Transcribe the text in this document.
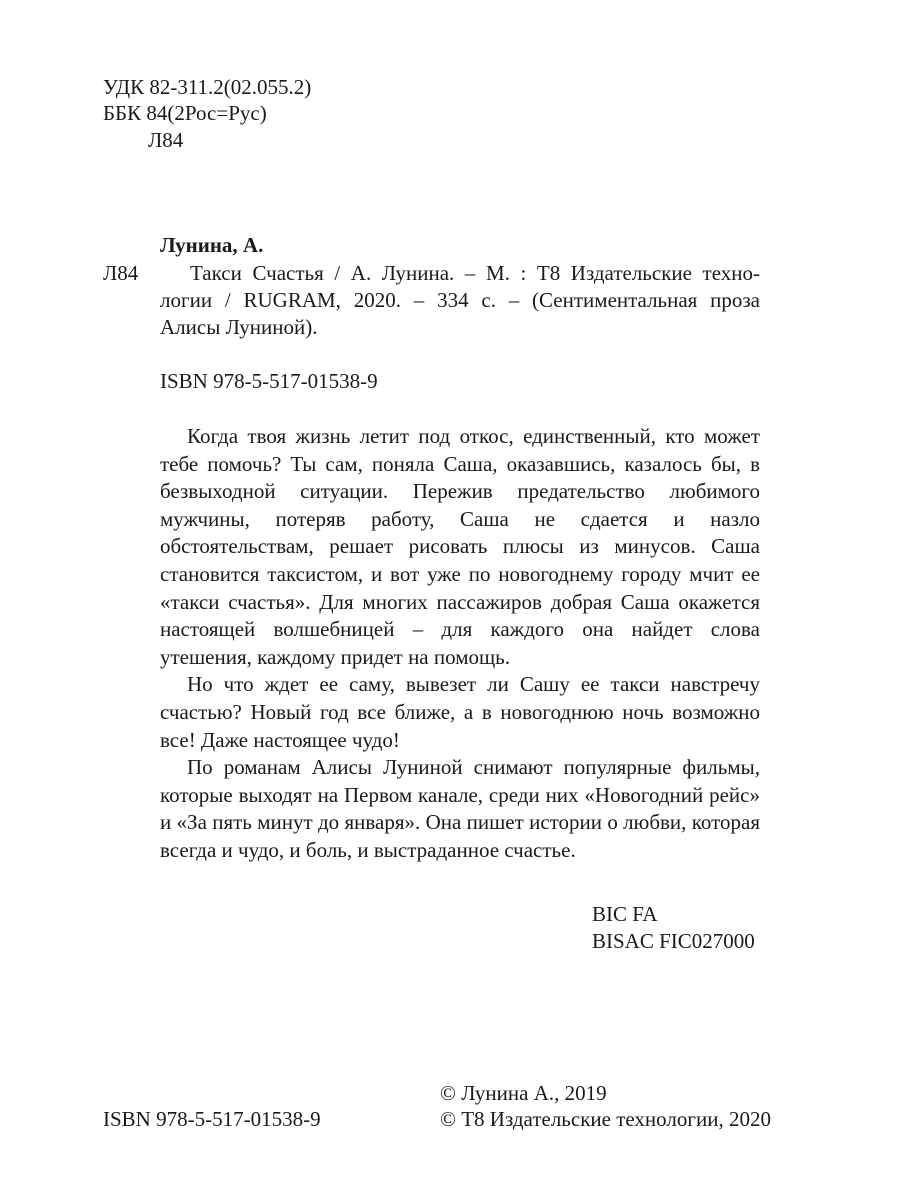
УДК 82-311.2(02.055.2)
ББК 84(2Рос=Рус)
Л84
Лунина, А.
Л84 Такси Счастья / А. Лунина. – М. : Т8 Издательские техно-
логии / RUGRAM, 2020. – 334 с. – (Сентиментальная проза
Алисы Луниной).
ISBN 978-5-517-01538-9

Когда твоя жизнь летит под откос, единственный, кто может тебе помочь? Ты сам, поняла Саша, оказавшись, казалось бы, в безвыходной ситуации. Пережив предательство любимого мужчины, потеряв работу, Саша не сдается и назло обстоятельствам, решает рисовать плюсы из минусов. Саша становится таксистом, и вот уже по новогоднему городу мчит ее «такси счастья». Для многих пассажиров добрая Саша окажется настоящей волшебницей – для каждого она найдет слова утешения, каждому придет на помощь.

Но что ждет ее саму, вывезет ли Сашу ее такси навстречу счастью? Новый год все ближе, а в новогоднюю ночь возможно все! Даже настоящее чудо!

По романам Алисы Луниной снимают популярные фильмы, которые выходят на Первом канале, среди них «Новогодний рейс» и «За пять минут до января». Она пишет истории о любви, которая всегда и чудо, и боль, и выстраданное счастье.

BIC FA
BISAC FIC027000
ISBN 978-5-517-01538-9
© Лунина А., 2019
© Т8 Издательские технологии, 2020
